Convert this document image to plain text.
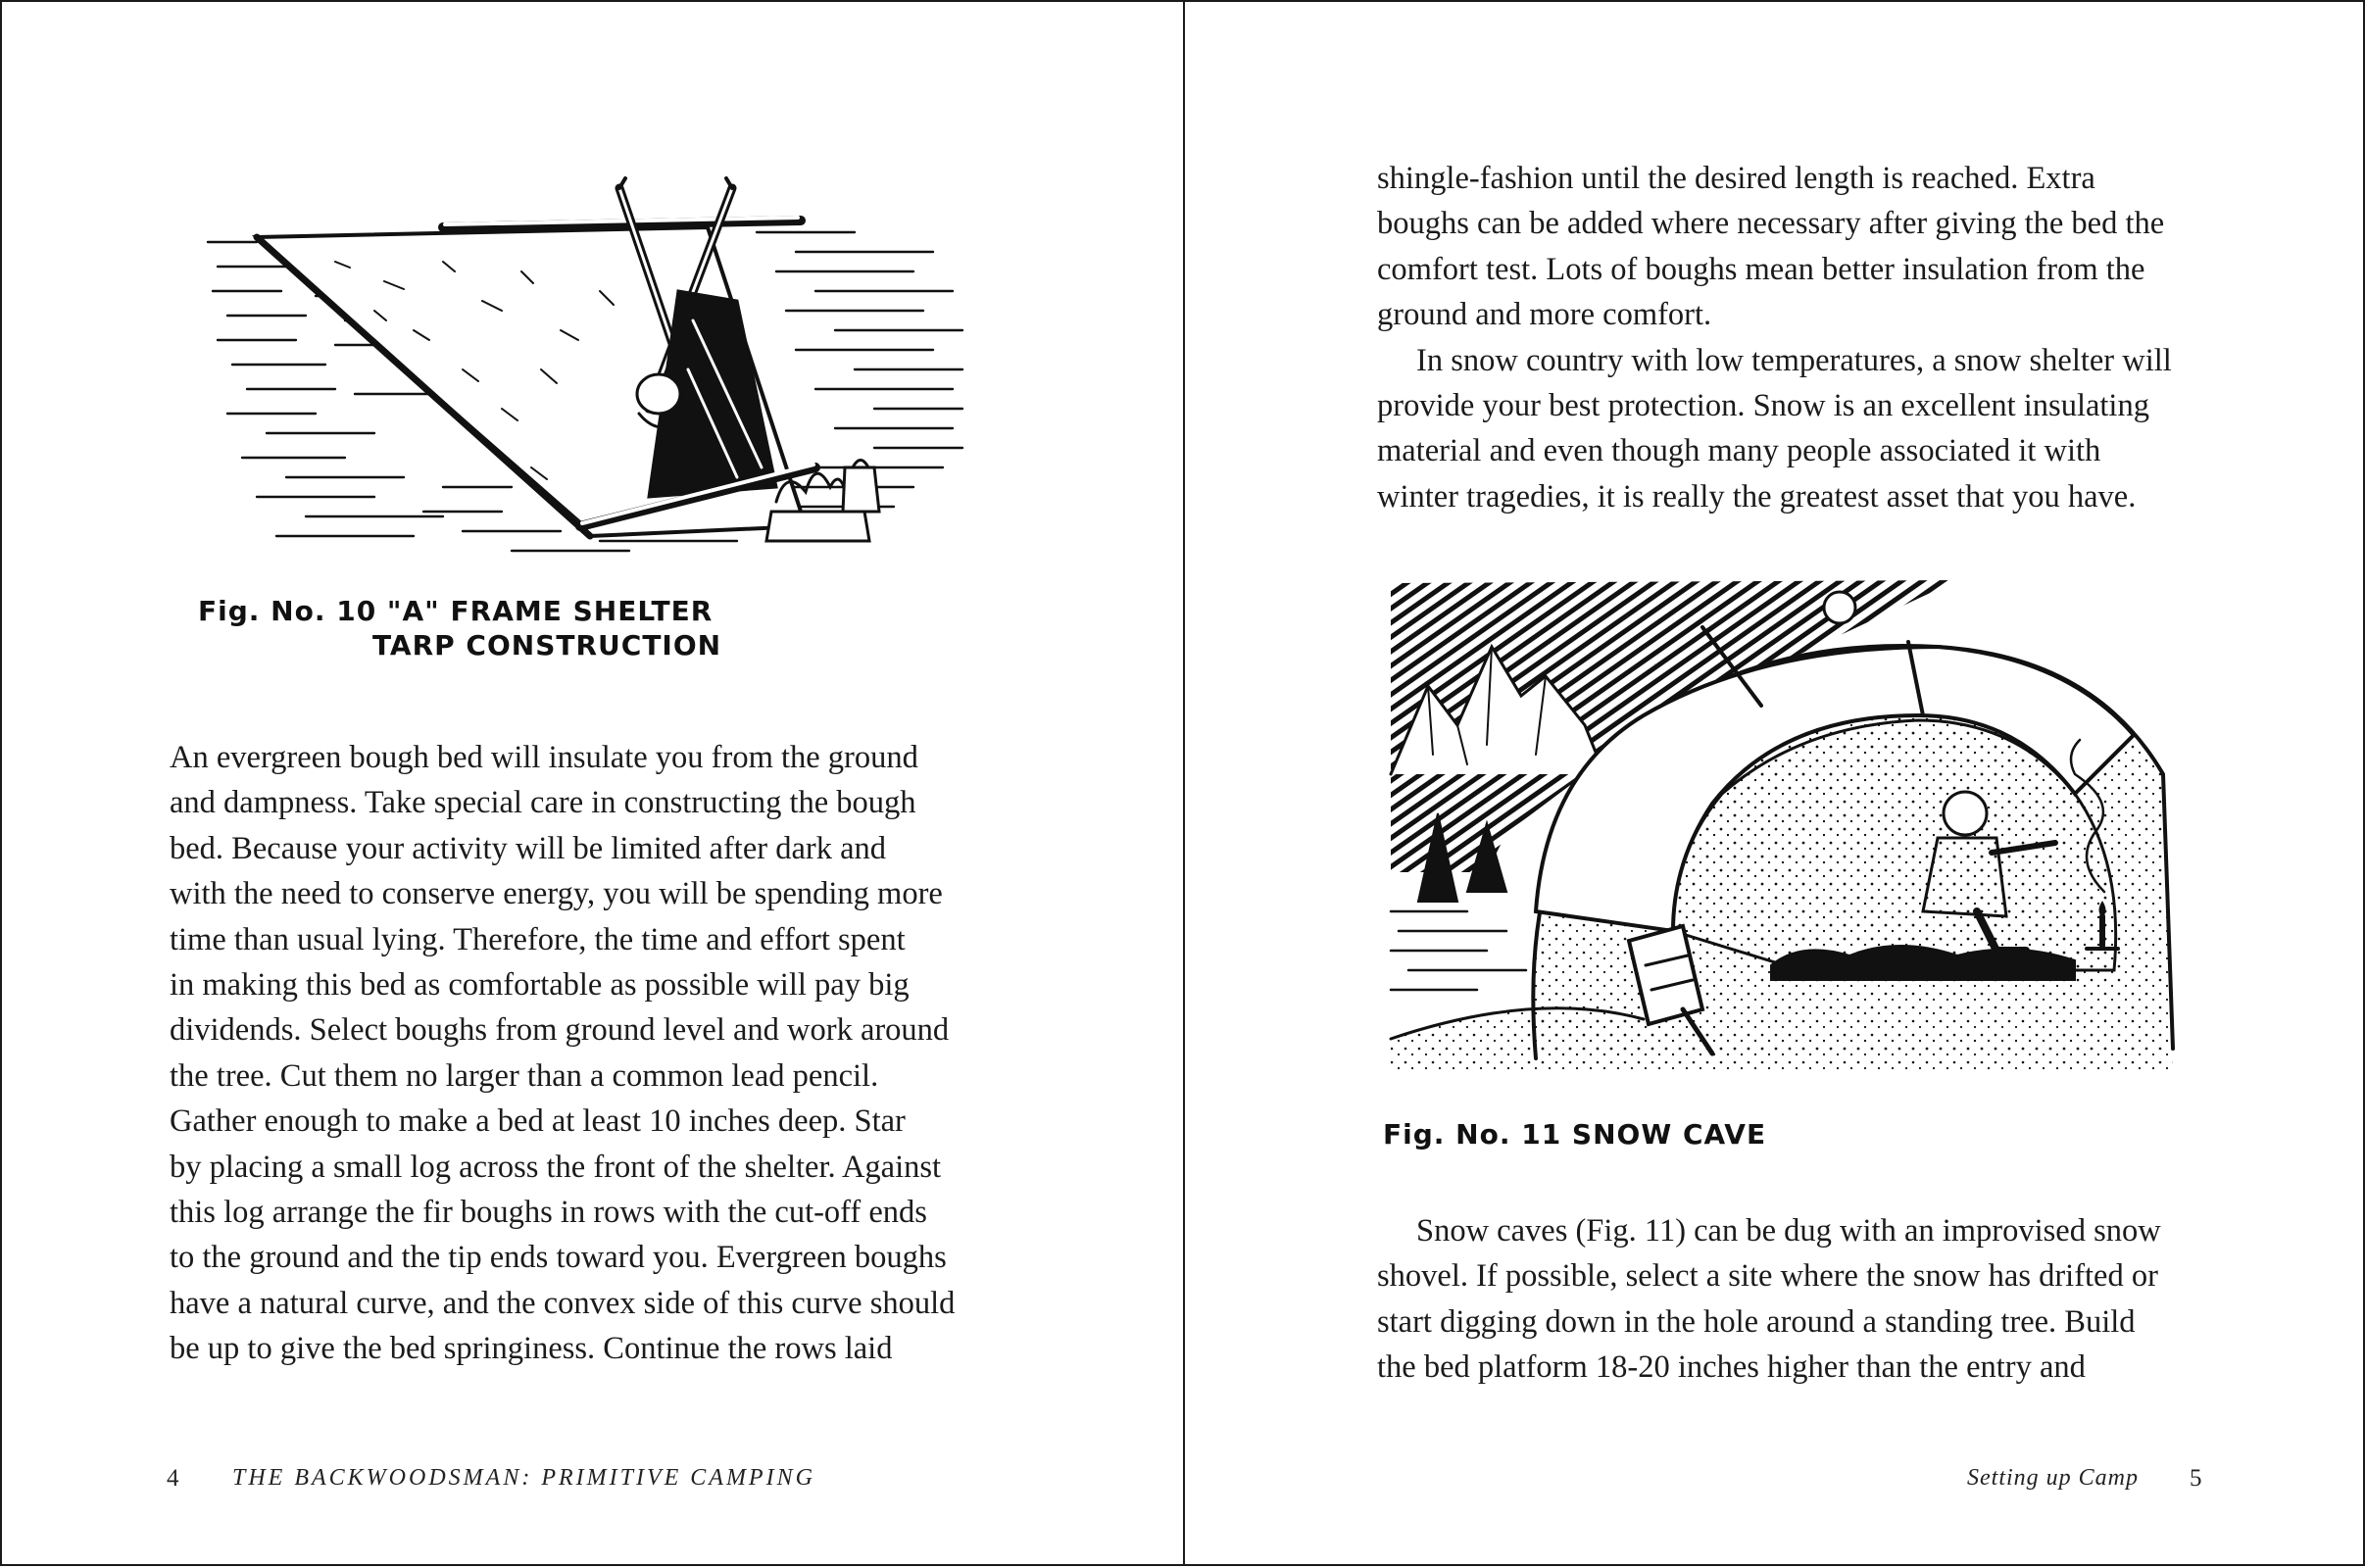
Fig. No. 10 "A" FRAME SHELTER
TARP CONSTRUCTION
An evergreen bough bed will insulate you from the ground
and dampness. Take special care in constructing the bough
bed. Because your activity will be limited after dark and
with the need to conserve energy, you will be spending more
time than usual lying. Therefore, the time and effort spent
in making this bed as comfortable as possible will pay big
dividends. Select boughs from ground level and work around
the tree. Cut them no larger than a common lead pencil.
Gather enough to make a bed at least 10 inches deep. Star
by placing a small log across the front of the shelter. Against
this log arrange the fir boughs in rows with the cut-off ends
to the ground and the tip ends toward you. Evergreen boughs
have a natural curve, and the convex side of this curve should
be up to give the bed springiness. Continue the rows laid
4 THE BACKWOODSMAN: PRIMITIVE CAMPING
shingle-fashion until the desired length is reached. Extra
boughs can be added where necessary after giving the bed the
comfort test. Lots of boughs mean better insulation from the
ground and more comfort.
In snow country with low temperatures, a snow shelter will
provide your best protection. Snow is an excellent insulating
material and even though many people associated it with
winter tragedies, it is really the greatest asset that you have.
Fig. No. 11 SNOW CAVE
Snow caves (Fig. 11) can be dug with an improvised snow
shovel. If possible, select a site where the snow has drifted or
start digging down in the hole around a standing tree. Build
the bed platform 18-20 inches higher than the entry and
Setting up Camp 5
